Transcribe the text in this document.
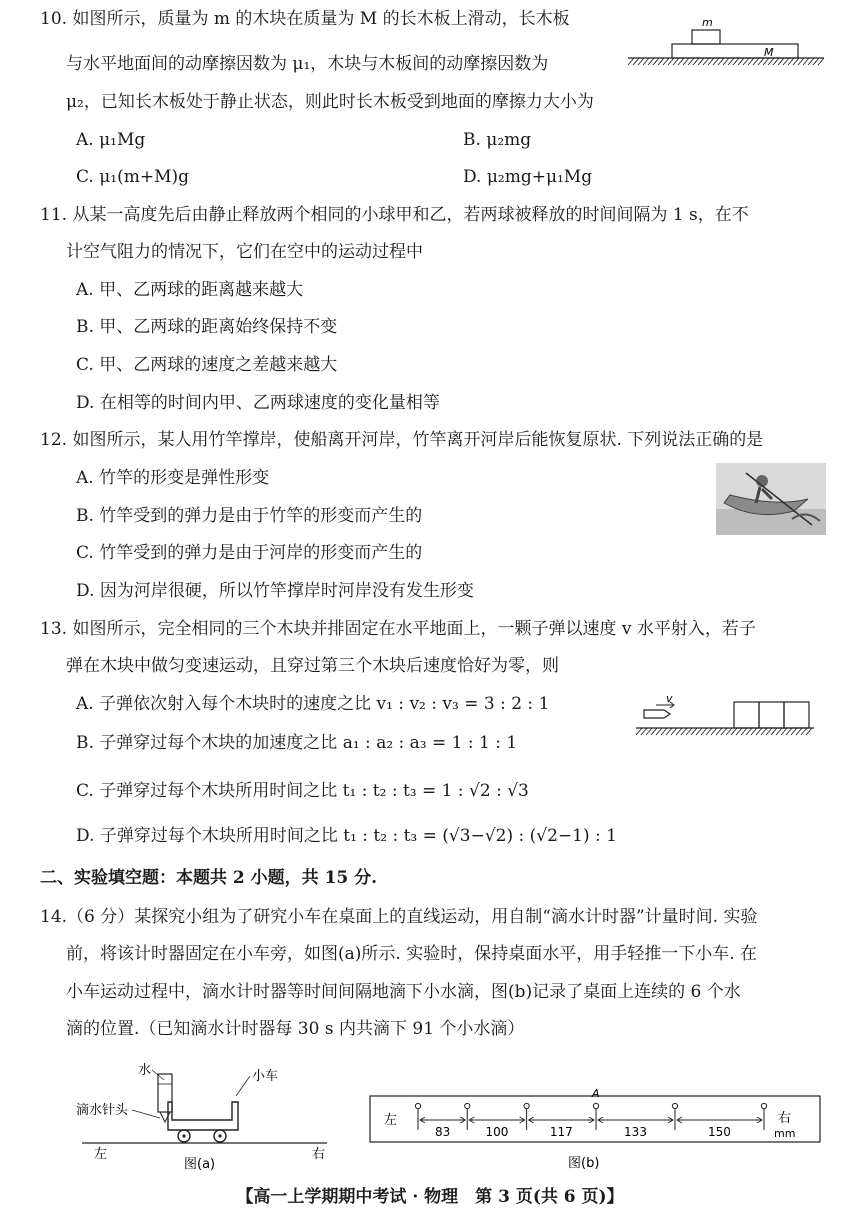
10. 如图所示，质量为 m 的木块在质量为 M 的长木板上滑动，长木板
与水平地面间的动摩擦因数为 μ₁，木块与木板间的动摩擦因数为
μ₂，已知长木板处于静止状态，则此时长木板受到地面的摩擦力大小为
A. μ₁Mg	B. μ₂mg
C. μ₁(m+M)g	D. μ₂mg+μ₁Mg
m
M
11. 从某一高度先后由静止释放两个相同的小球甲和乙，若两球被释放的时间间隔为 1 s，在不
计空气阻力的情况下，它们在空中的运动过程中
A. 甲、乙两球的距离越来越大
B. 甲、乙两球的距离始终保持不变
C. 甲、乙两球的速度之差越来越大
D. 在相等的时间内甲、乙两球速度的变化量相等
12. 如图所示，某人用竹竿撑岸，使船离开河岸，竹竿离开河岸后能恢复原状. 下列说法正确的是
A. 竹竿的形变是弹性形变
B. 竹竿受到的弹力是由于竹竿的形变而产生的
C. 竹竿受到的弹力是由于河岸的形变而产生的
D. 因为河岸很硬，所以竹竿撑岸时河岸没有发生形变
13. 如图所示，完全相同的三个木块并排固定在水平地面上，一颗子弹以速度 v 水平射入，若子
弹在木块中做匀变速运动，且穿过第三个木块后速度恰好为零，则
A. 子弹依次射入每个木块时的速度之比 v₁ : v₂ : v₃ = 3 : 2 : 1
B. 子弹穿过每个木块的加速度之比 a₁ : a₂ : a₃ = 1 : 1 : 1
C. 子弹穿过每个木块所用时间之比 t₁ : t₂ : t₃ = 1 : √2 : √3
D. 子弹穿过每个木块所用时间之比 t₁ : t₂ : t₃ = (√3−√2) : (√2−1) : 1
v
二、实验填空题：本题共 2 小题，共 15 分.
14.（6 分）某探究小组为了研究小车在桌面上的直线运动，用自制“滴水计时器”计量时间. 实验
前，将该计时器固定在小车旁，如图(a)所示. 实验时，保持桌面水平，用手轻推一下小车. 在
小车运动过程中，滴水计时器等时间间隔地滴下小水滴，图(b)记录了桌面上连续的 6 个水
滴的位置.（已知滴水计时器每 30 s 内共滴下 91 个小水滴）
水
滴水针头
小车
左	右
图(a)
左	右
mm
A
83	100	117	133	150
图(b)
【高一上学期期中考试 · 物理　第 3 页(共 6 页)】
